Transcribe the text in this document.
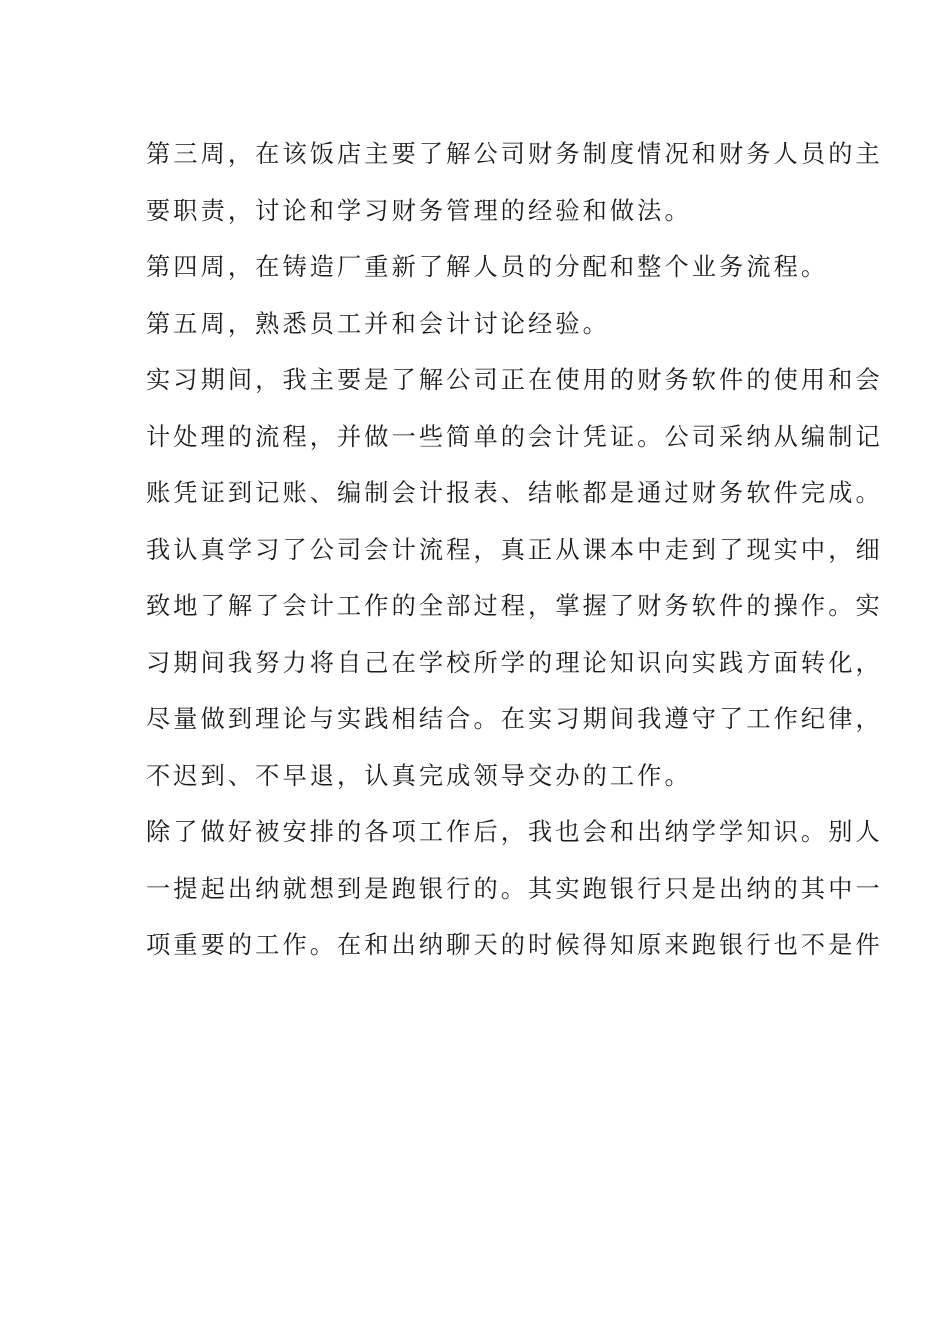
第三周，在该饭店主要了解公司财务制度情况和财务人员的主
要职责，讨论和学习财务管理的经验和做法。
第四周，在铸造厂重新了解人员的分配和整个业务流程。
第五周，熟悉员工并和会计讨论经验。
实习期间，我主要是了解公司正在使用的财务软件的使用和会
计处理的流程，并做一些简单的会计凭证。公司采纳从编制记
账凭证到记账、编制会计报表、结帐都是通过财务软件完成。
我认真学习了公司会计流程，真正从课本中走到了现实中，细
致地了解了会计工作的全部过程，掌握了财务软件的操作。实
习期间我努力将自己在学校所学的理论知识向实践方面转化，
尽量做到理论与实践相结合。在实习期间我遵守了工作纪律，
不迟到、不早退，认真完成领导交办的工作。
除了做好被安排的各项工作后，我也会和出纳学学知识。别人
一提起出纳就想到是跑银行的。其实跑银行只是出纳的其中一
项重要的工作。在和出纳聊天的时候得知原来跑银行也不是件
